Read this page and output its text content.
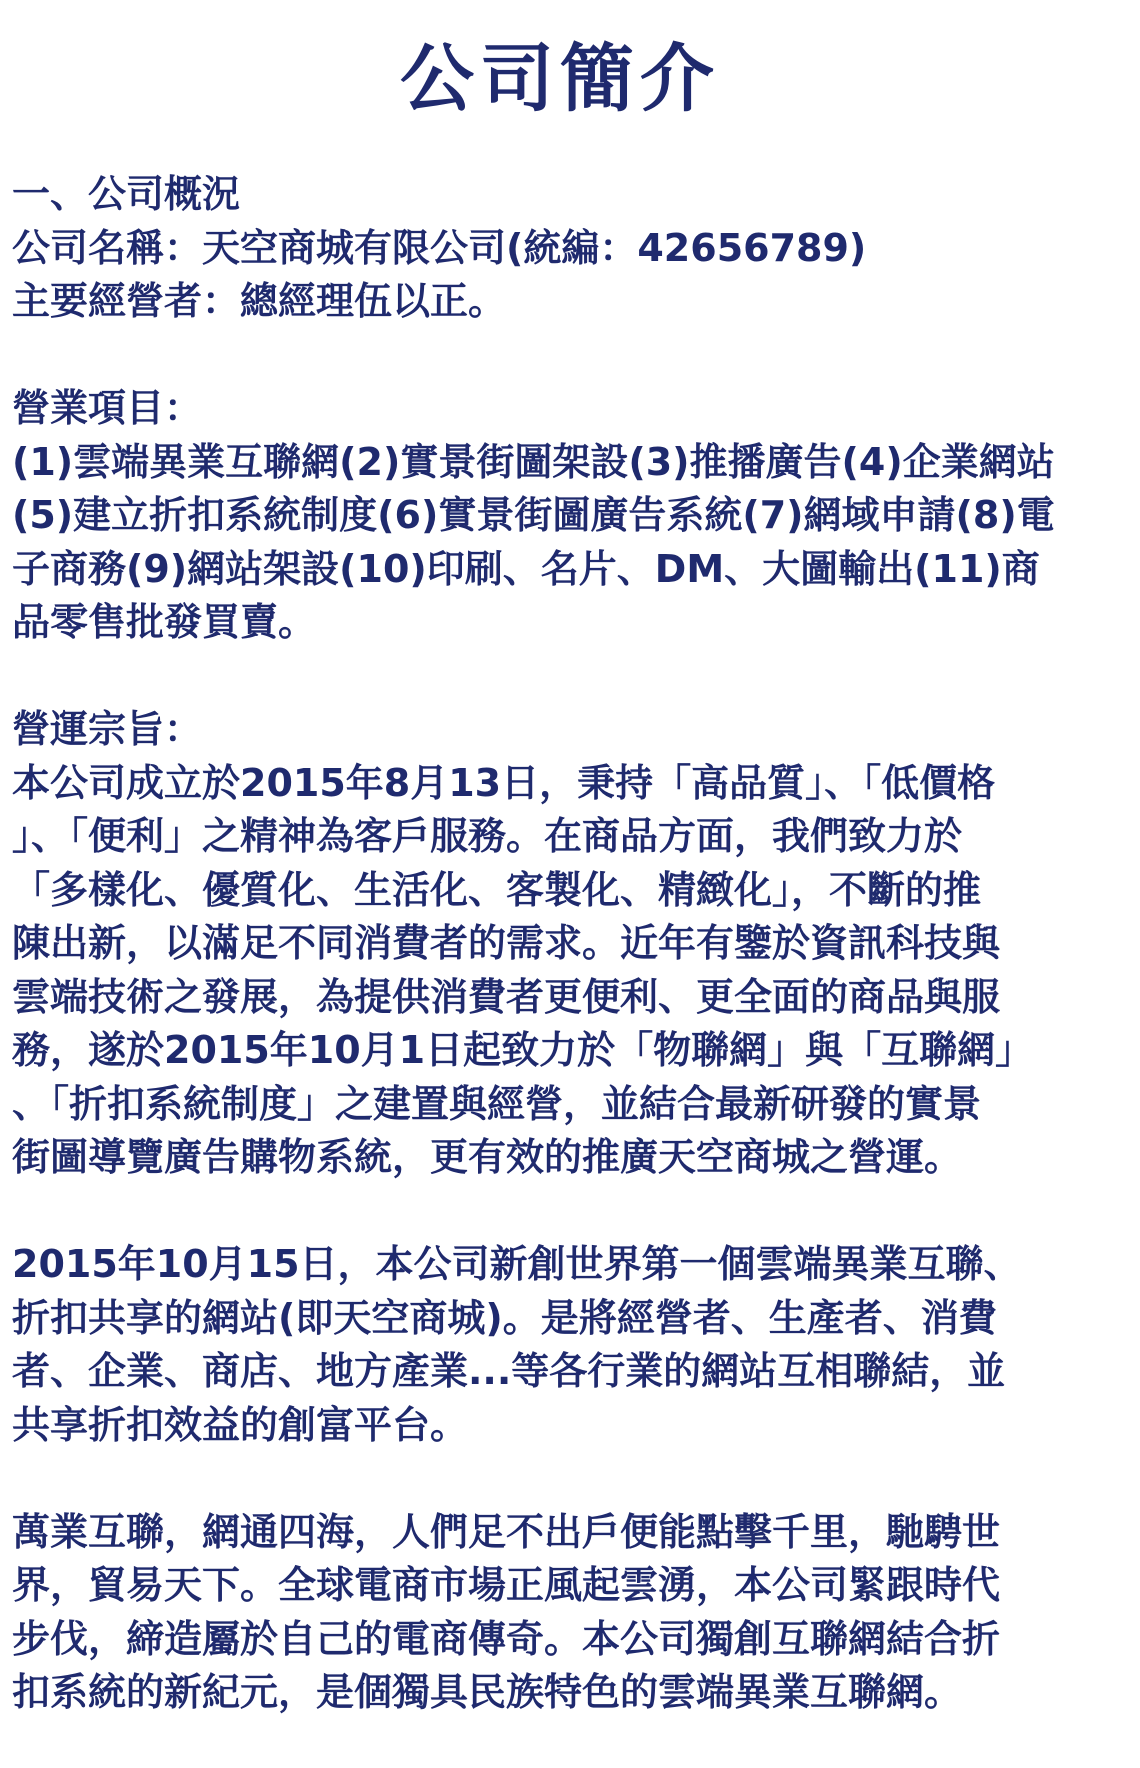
公司簡介
一、公司概況
公司名稱：天空商城有限公司(統編：42656789)
主要經營者：總經理伍以正。
營業項目：
(1)雲端異業互聯網(2)實景街圖架設(3)推播廣告(4)企業網站
(5)建立折扣系統制度(6)實景街圖廣告系統(7)網域申請(8)電
子商務(9)網站架設(10)印刷、名片、DM、大圖輸出(11)商
品零售批發買賣。
營運宗旨：
本公司成立於2015年8月13日，秉持「高品質」、「低價格
」、「便利」之精神為客戶服務。在商品方面，我們致力於
「多樣化、優質化、生活化、客製化、精緻化」，不斷的推
陳出新，以滿足不同消費者的需求。近年有鑒於資訊科技與
雲端技術之發展，為提供消費者更便利、更全面的商品與服
務，遂於2015年10月1日起致力於「物聯網」與「互聯網」
、「折扣系統制度」之建置與經營，並結合最新研發的實景
街圖導覽廣告購物系統，更有效的推廣天空商城之營運。
2015年10月15日，本公司新創世界第一個雲端異業互聯、
折扣共享的網站(即天空商城)。是將經營者、生產者、消費
者、企業、商店、地方產業...等各行業的網站互相聯結，並
共享折扣效益的創富平台。
萬業互聯，網通四海，人們足不出戶便能點擊千里，馳騁世
界，貿易天下。全球電商市場正風起雲湧，本公司緊跟時代
步伐，締造屬於自己的電商傳奇。本公司獨創互聯網結合折
扣系統的新紀元，是個獨具民族特色的雲端異業互聯網。
